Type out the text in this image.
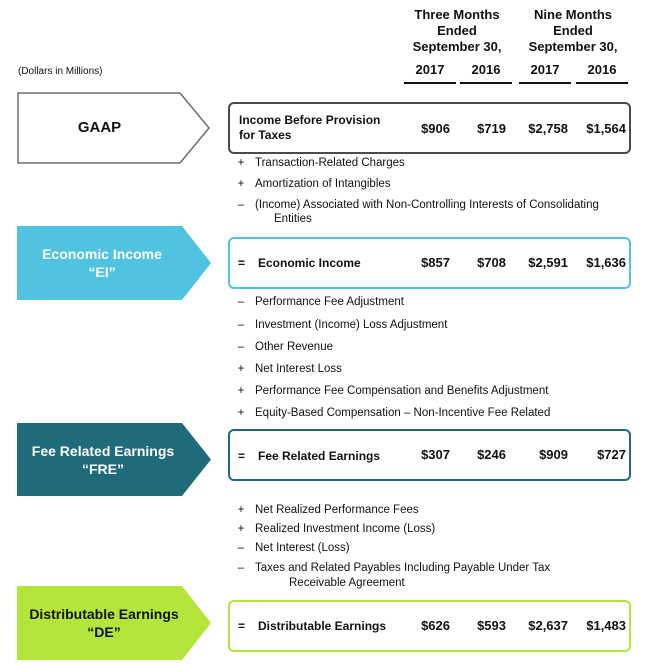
Three Months
Ended
September 30,
Nine Months
Ended
September 30,
2017	2016	2017	2016
(Dollars in Millions)
GAAP	Income Before Provision
for Taxes	$906	$719	$2,758	$1,564
+ Transaction-Related Charges
+ Amortization of Intangibles
– (Income) Associated with Non-Controlling Interests of Consolidating
Entities
Economic Income
“EI”
= Economic Income	$857	$708	$2,591	$1,636
– Performance Fee Adjustment
– Investment (Income) Loss Adjustment
– Other Revenue
+ Net Interest Loss
+ Performance Fee Compensation and Benefits Adjustment
+ Equity-Based Compensation – Non-Incentive Fee Related
Fee Related Earnings
“FRE”
= Fee Related Earnings	$307	$246	$909	$727
+ Net Realized Performance Fees
+ Realized Investment Income (Loss)
– Net Interest (Loss)
– Taxes and Related Payables Including Payable Under Tax
Receivable Agreement
Distributable Earnings
“DE”	= Distributable Earnings	$626	$593	$2,637	$1,483
